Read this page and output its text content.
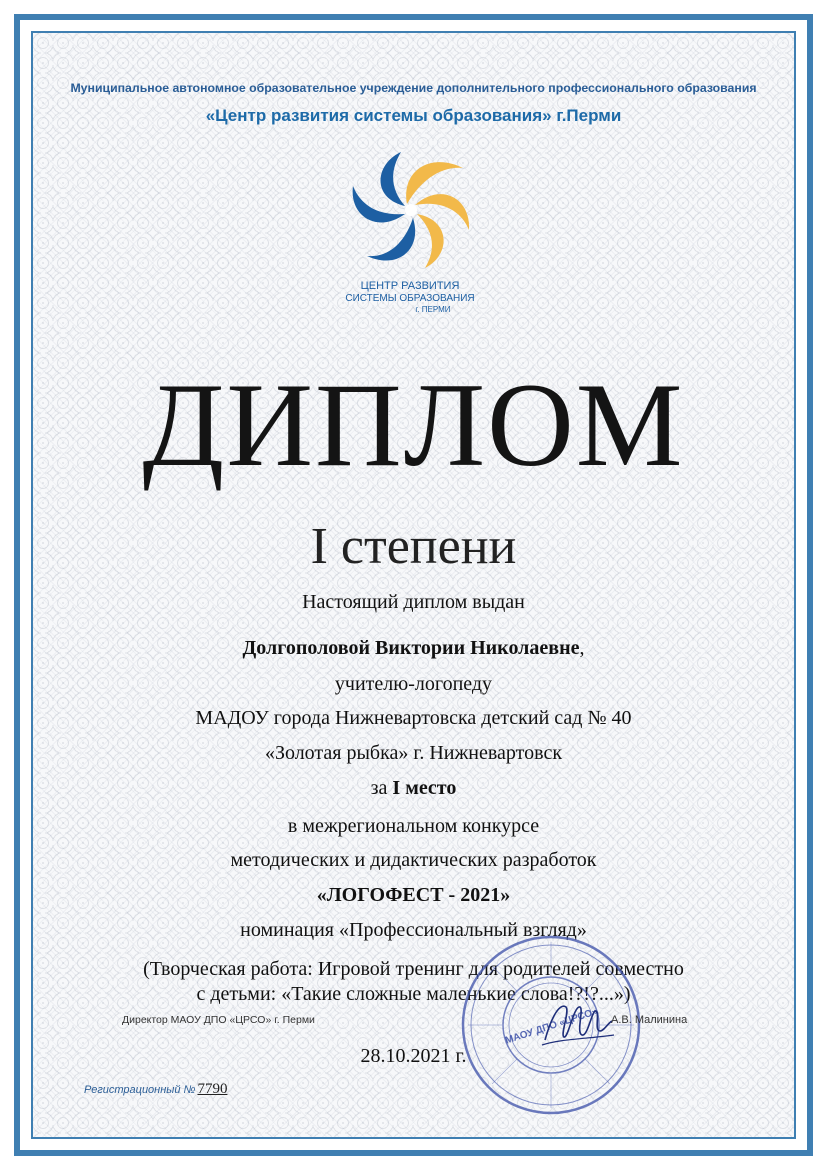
Муниципальное автономное образовательное учреждение дополнительного профессионального образования
«Центр развития системы образования» г.Перми
ЦЕНТР РАЗВИТИЯ
СИСТЕМЫ ОБРАЗОВАНИЯ
г. ПЕРМИ
ДИПЛОМ
I степени
Настоящий диплом выдан
Долгополовой Виктории Николаевне,
учителю-логопеду
МАДОУ города Нижневартовска детский сад № 40
«Золотая рыбка» г. Нижневартовск
за I место
в межрегиональном конкурсе
методических и дидактических разработок
«ЛОГОФЕСТ - 2021»
номинация «Профессиональный взгляд»
(Творческая работа: Игровой тренинг для родителей совместно
с детьми: «Такие сложные маленькие слова!?!?...»)
МАОУ ДПО «ЦРСО»
Директор МАОУ ДПО «ЦРСО» г. Перми	А.В. Малинина
28.10.2021 г.
Регистрационный № 7790
